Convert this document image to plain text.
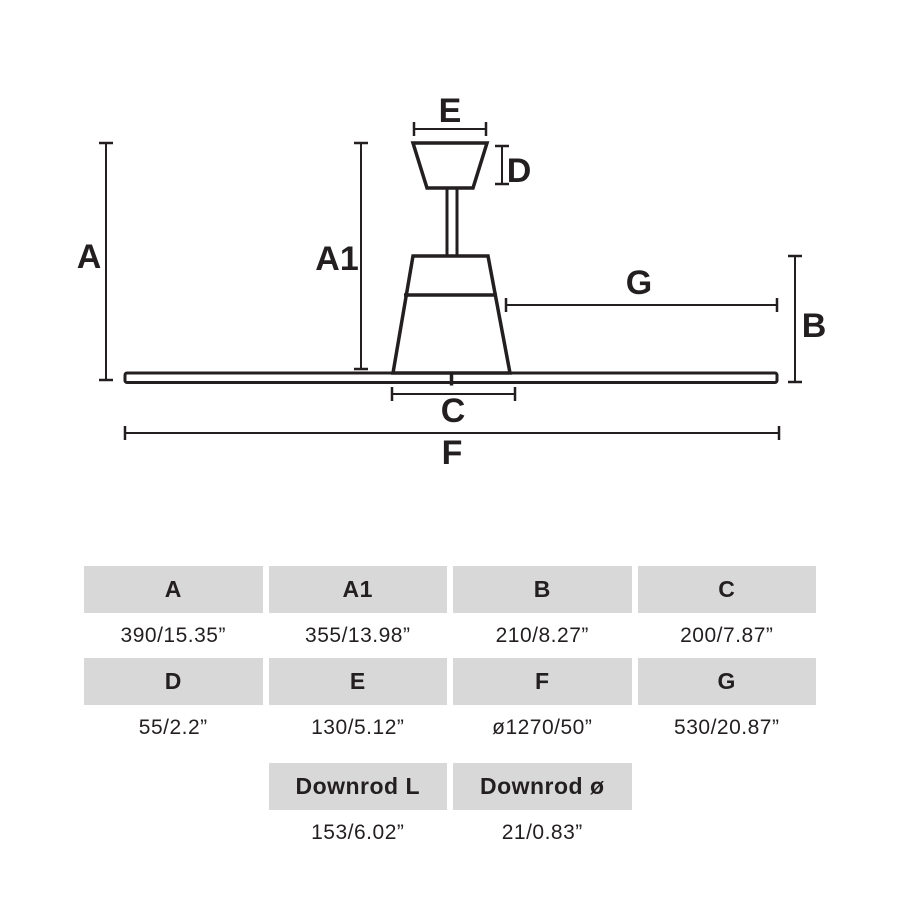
A	A1
E
D
G
B
C
F
A	A1	B	C
390/15.35”	355/13.98”	210/8.27”	200/7.87”
D	E	F	G
55/2.2”	130/5.12”	ø1270/50”	530/20.87”
Downrod L	Downrod ø
153/6.02”	21/0.83”
